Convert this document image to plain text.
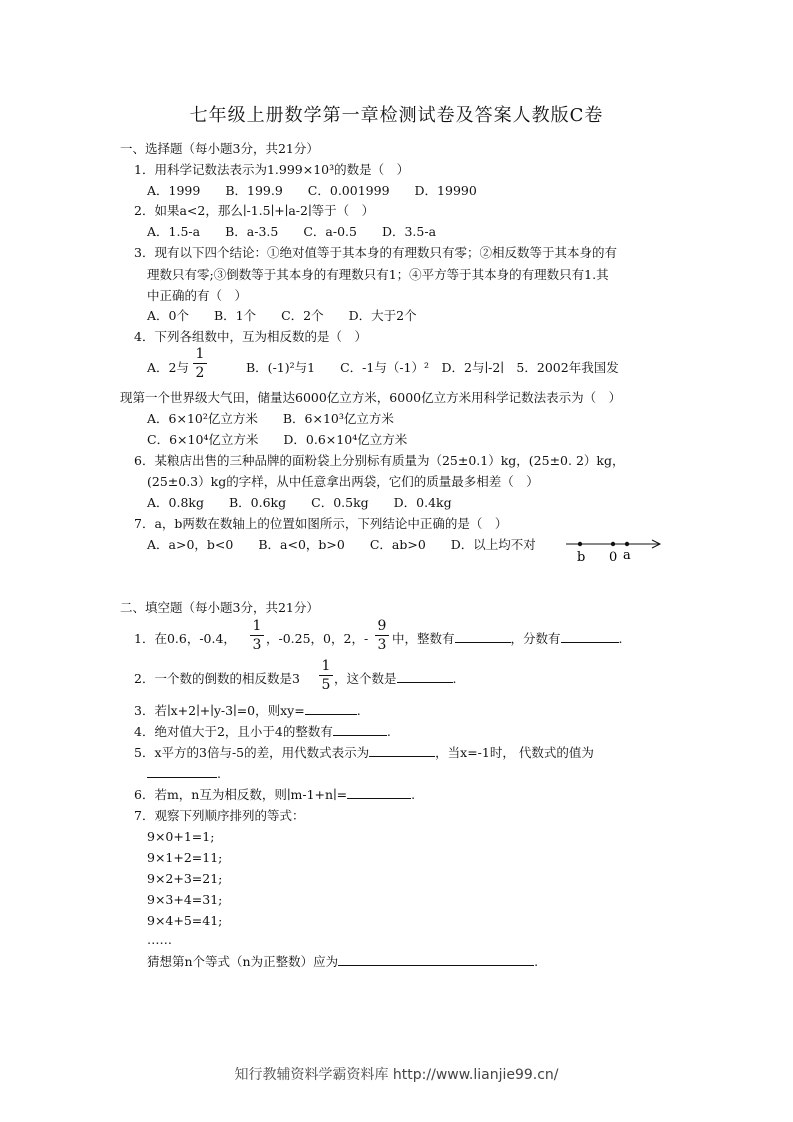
七年级上册数学第一章检测试卷及答案人教版C卷
一、选择题（每小题3分，共21分）
1．用科学记数法表示为1.999×10³的数是（　）
A．1999　　B．199.9　　C．0.001999　　D．19990
2．如果a<2，那么∣-1.5∣+∣a-2∣等于（　）
A．1.5-a　　B．a-3.5　　C．a-0.5　　D．3.5-a
3．现有以下四个结论：①绝对值等于其本身的有理数只有零；②相反数等于其本身的有
理数只有零;③倒数等于其本身的有理数只有1；④平方等于其本身的有理数只有1.其
中正确的有（　）
A．0个　　B．1个　　C．2个　　D．大于2个
4．下列各组数中，互为相反数的是（　）
A．2与
1
2	B．(-1)²与1　　C．-1与（-1）²　D．2与∣-2∣　5．2002年我国发
现第一个世界级大气田，储量达6000亿立方米，6000亿立方米用科学记数法表示为（　）
A．6×10²亿立方米　　B．6×10³亿立方米
C．6×10⁴亿立方米　　D．0.6×10⁴亿立方米
6．某粮店出售的三种品牌的面粉袋上分别标有质量为（25±0.1）kg，(25±0. 2）kg，
(25±0.3）kg的字样，从中任意拿出两袋，它们的质量最多相差（　）
A．0.8kg　　B．0.6kg　　C．0.5kg　　D．0.4kg
7．a，b两数在数轴上的位置如图所示，下列结论中正确的是（　）
A．a>0，b<0　　B．a<0，b>0　　C．ab>0　　D．以上均不对
b 0 a
二、填空题（每小题3分，共21分）
1．在0.6，-0.4，
1
3 ，-0.25，0，2，-
9
3 中，整数有	，分数有	.
2．一个数的倒数的相反数是3
1
5 ，这个数是	.
3．若∣x+2∣+∣y-3∣=0，则xy=	.
4．绝对值大于2，且小于4的整数有	.
5．x平方的3倍与-5的差，用代数式表示为	，当x=-1时， 代数式的值为
.
6．若m，n互为相反数，则∣m-1+n∣=	.
7．观察下列顺序排列的等式：
9×0+1=1;
9×1+2=11;
9×2+3=21;
9×3+4=31;
9×4+5=41;
……
猜想第n个等式（n为正整数）应为	.
知行教辅资料学霸资料库 http://www.lianjie99.cn/
